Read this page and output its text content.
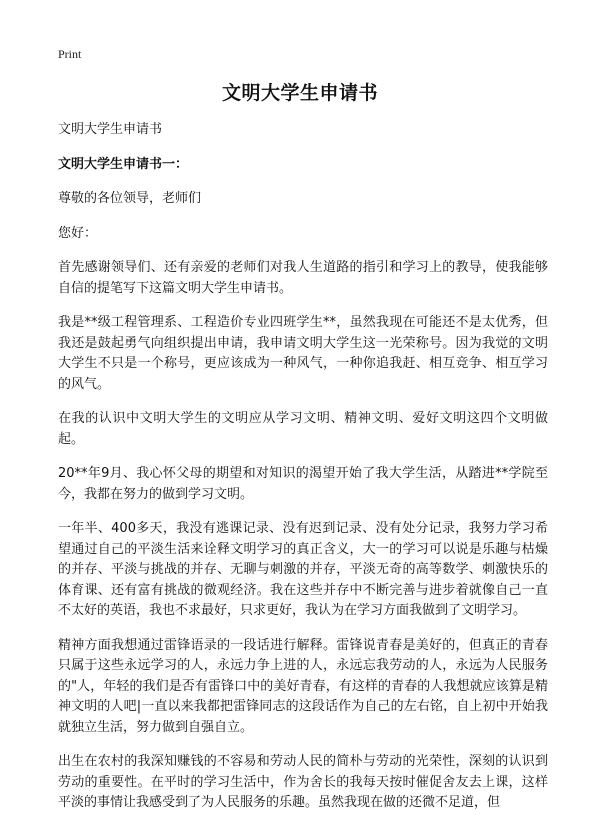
Print
文明大学生申请书

文明大学生申请书

文明大学生申请书一：

尊敬的各位领导，老师们

您好：

首先感谢领导们、还有亲爱的老师们对我人生道路的指引和学习上的教导，使我能够自信的提笔写下这篇文明大学生申请书。

我是**级工程管理系、工程造价专业四班学生**，虽然我现在可能还不是太优秀，但我还是鼓起勇气向组织提出申请，我申请文明大学生这一光荣称号。因为我觉的文明大学生不只是一个称号，更应该成为一种风气，一种你追我赶、相互竞争、相互学习的风气。

在我的认识中文明大学生的文明应从学习文明、精神文明、爱好文明这四个文明做起。

20**年9月、我心怀父母的期望和对知识的渴望开始了我大学生活，从踏进**学院至今，我都在努力的做到学习文明。

一年半、400多天，我没有逃课记录、没有迟到记录、没有处分记录，我努力学习希望通过自己的平淡生活来诠释文明学习的真正含义，大一的学习可以说是乐趣与枯燥的并存、平淡与挑战的并存、无聊与刺激的并存，平淡无奇的高等数学、刺激快乐的体育课、还有富有挑战的微观经济。我在这些并存中不断完善与进步着就像自己一直不太好的英语，我也不求最好，只求更好，我认为在学习方面我做到了文明学习。

精神方面我想通过雷锋语录的一段话进行解释。雷锋说青春是美好的，但真正的青春只属于这些永远学习的人，永远力争上进的人，永远忘我劳动的人，永远为人民服务的"人，年轻的我们是否有雷锋口中的美好青春，有这样的青春的人我想就应该算是精神文明的人吧|一直以来我都把雷锋同志的这段话作为自己的左右铭，自上初中开始我就独立生活，努力做到自强自立。

出生在农村的我深知赚钱的不容易和劳动人民的简朴与劳动的光荣性，深刻的认识到劳动的重要性。在平时的学习生活中，作为舍长的我每天按时催促舍友去上课，这样平淡的事情让我感受到了为人民服务的乐趣。虽然我现在做的还微不足道，但
